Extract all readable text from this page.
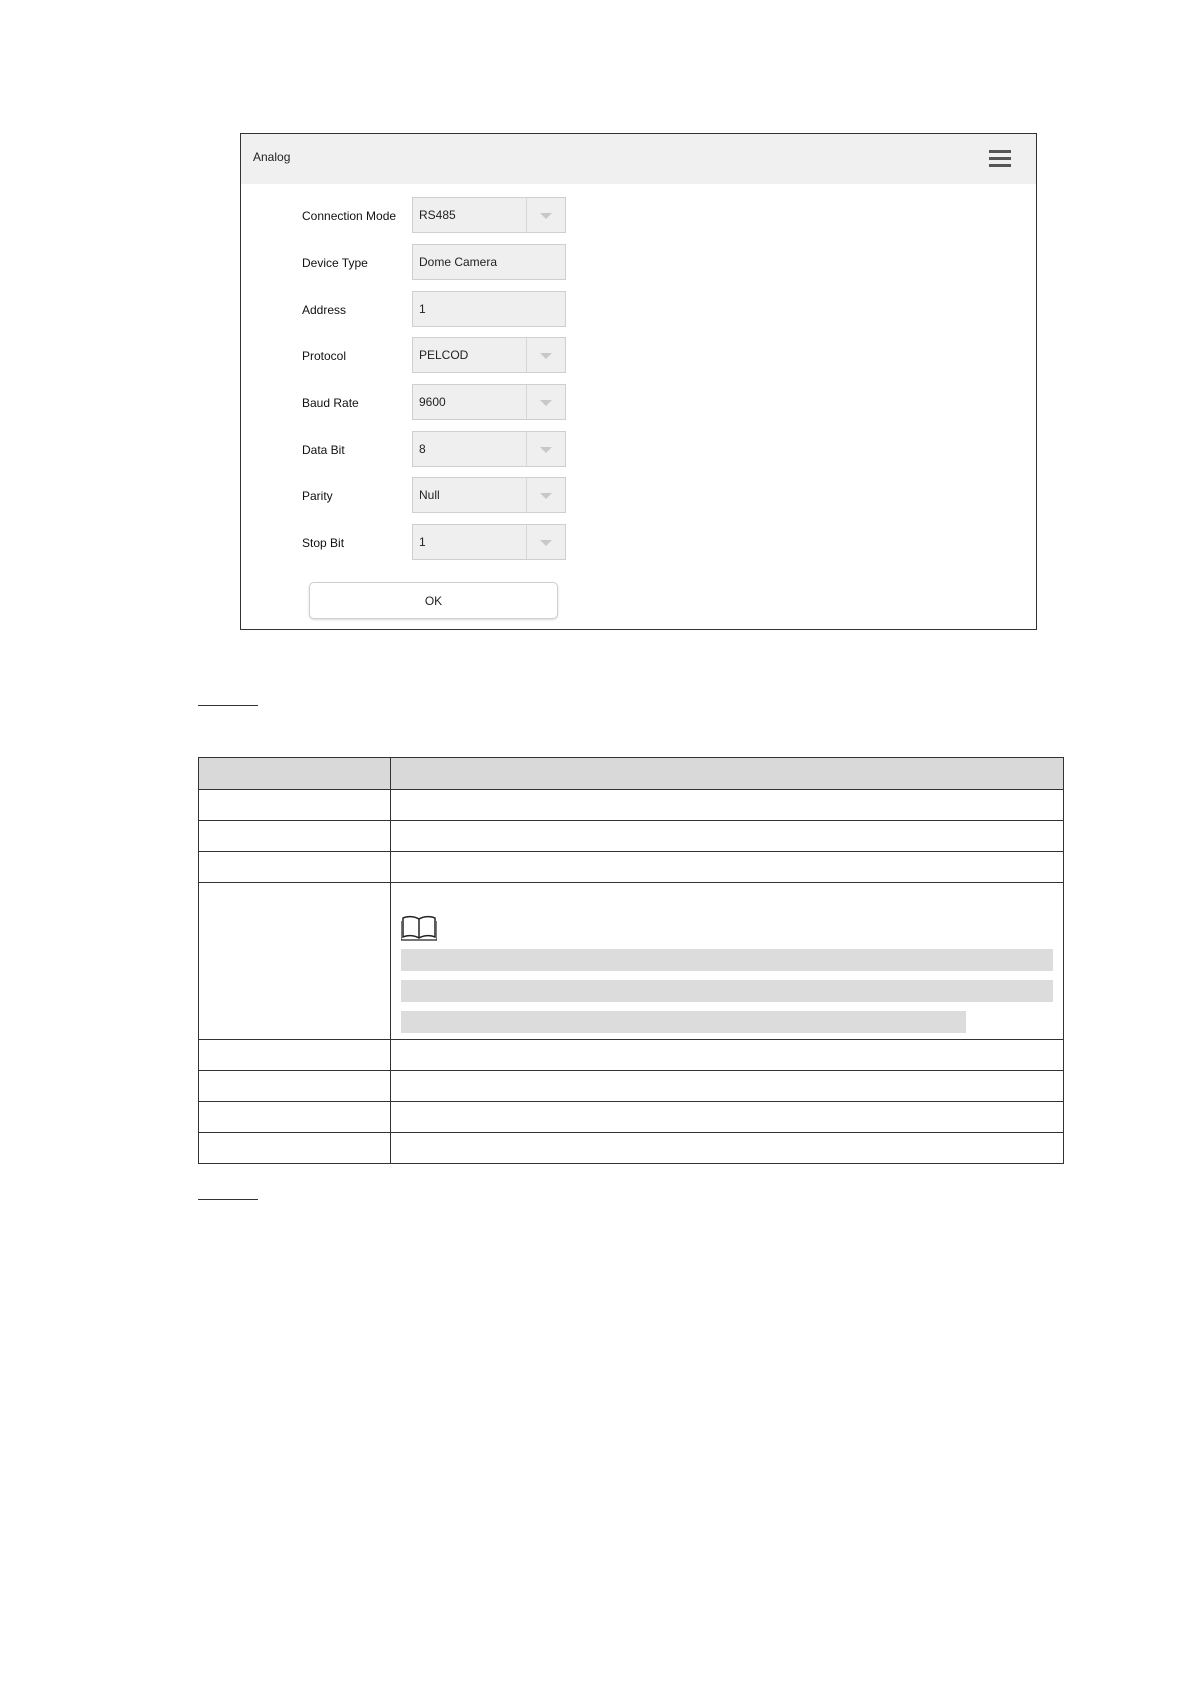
Analog
Connection Mode RS485
Device Type	Dome Camera
Address	1
Protocol	PELCOD
Baud Rate	9600
Data Bit	8
Parity	Null
Stop Bit	1
OK
